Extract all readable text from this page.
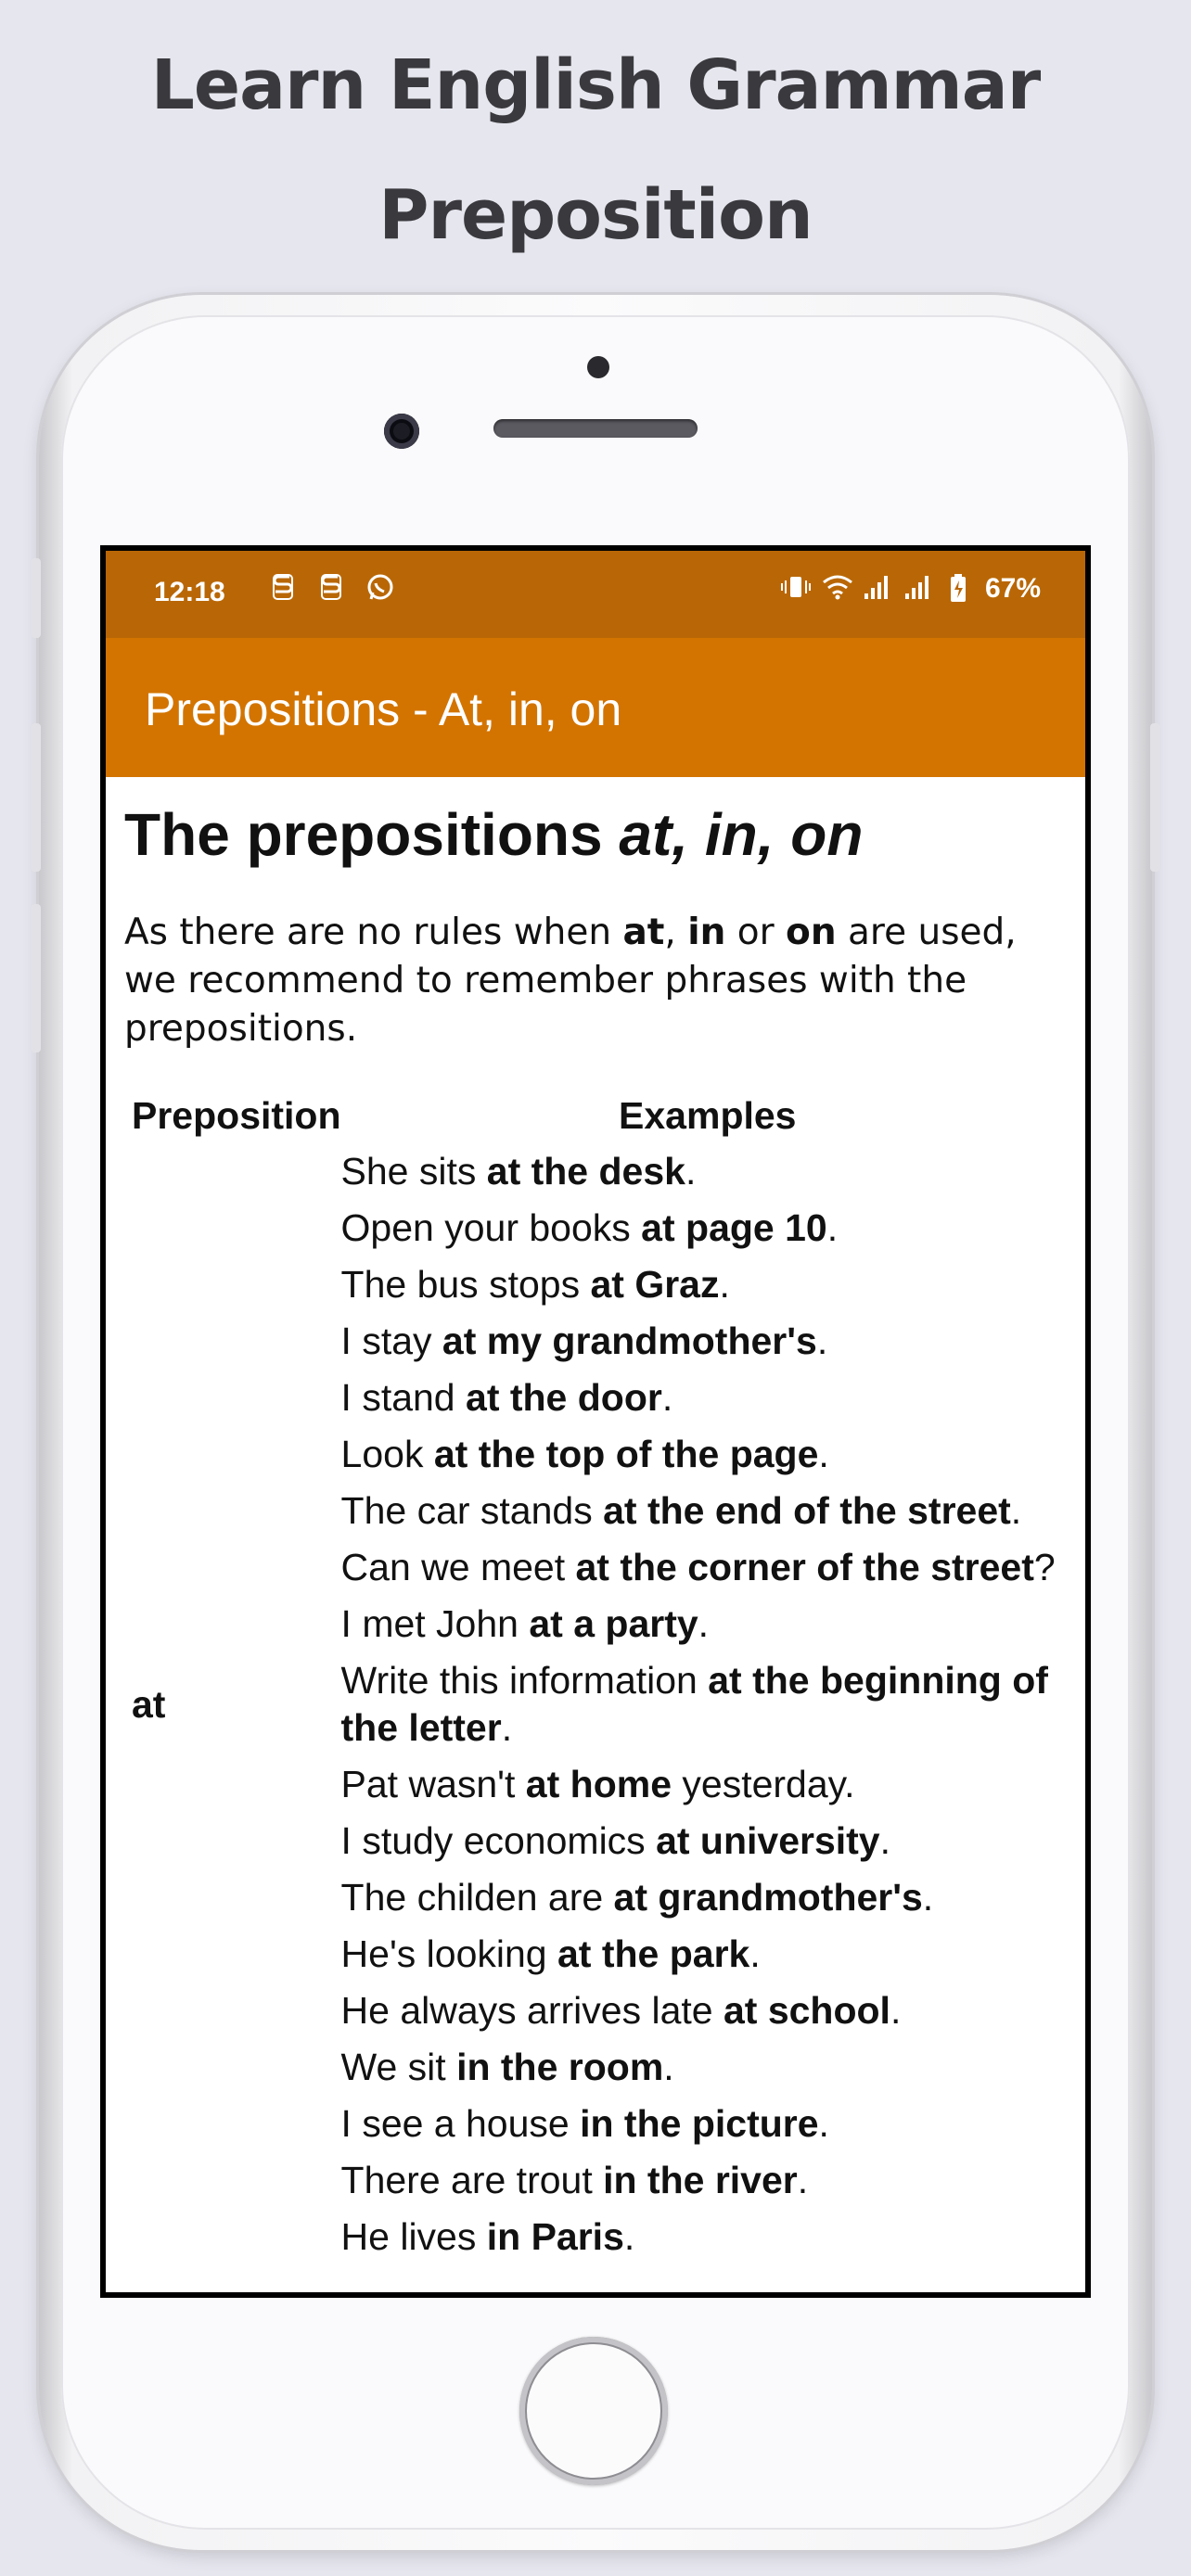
Learn English Grammar
Preposition
12:18	67%
Prepositions - At, in, on
The prepositions at, in, on

As there are no rules when at, in or on are used, we recommend to remember phrases with the prepositions.

Preposition	Examples
at	She sits at the desk.
	Open your books at page 10.
	The bus stops at Graz.
	I stay at my grandmother's.
	I stand at the door.
	Look at the top of the page.
	The car stands at the end of the street.
	Can we meet at the corner of the street?
	I met John at a party.
	Write this information at the beginning of the letter.
	Pat wasn't at home yesterday.
	I study economics at university.
	The childen are at grandmother's.
	He's looking at the park.
	He always arrives late at school.
	We sit in the room.
	I see a house in the picture.
	There are trout in the river.
	He lives in Paris.
